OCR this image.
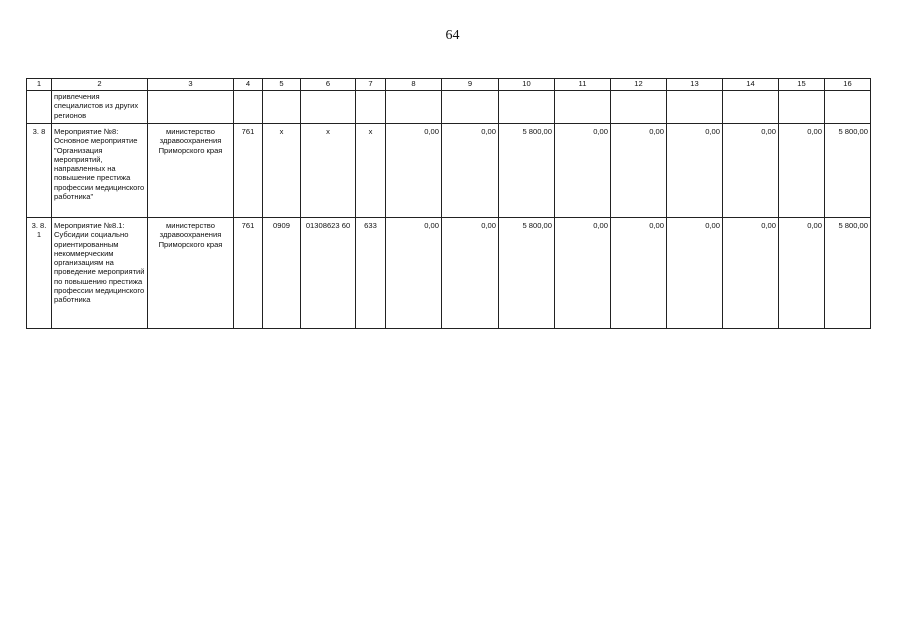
64
1	2	3	4	5	6	7	8	9	10	11	12	13	14	15	16
	привлечения специалистов из других регионов														
3. 8	Мероприятие №8: Основное мероприятие "Организация мероприятий, направленных на повышение престижа профессии медицинского работника"	министерство здравоохранения Приморского края	761	х	х	х	0,00	0,00	5 800,00	0,00	0,00	0,00	0,00	0,00	5 800,00
3. 8. 1	Мероприятие №8.1: Субсидии социально ориентированным некоммерческим организациям на проведение мероприятий по повышению престижа профессии медицинского работника	министерство здравоохранения Приморского края	761	0909	01308623 60	633	0,00	0,00	5 800,00	0,00	0,00	0,00	0,00	0,00	5 800,00
